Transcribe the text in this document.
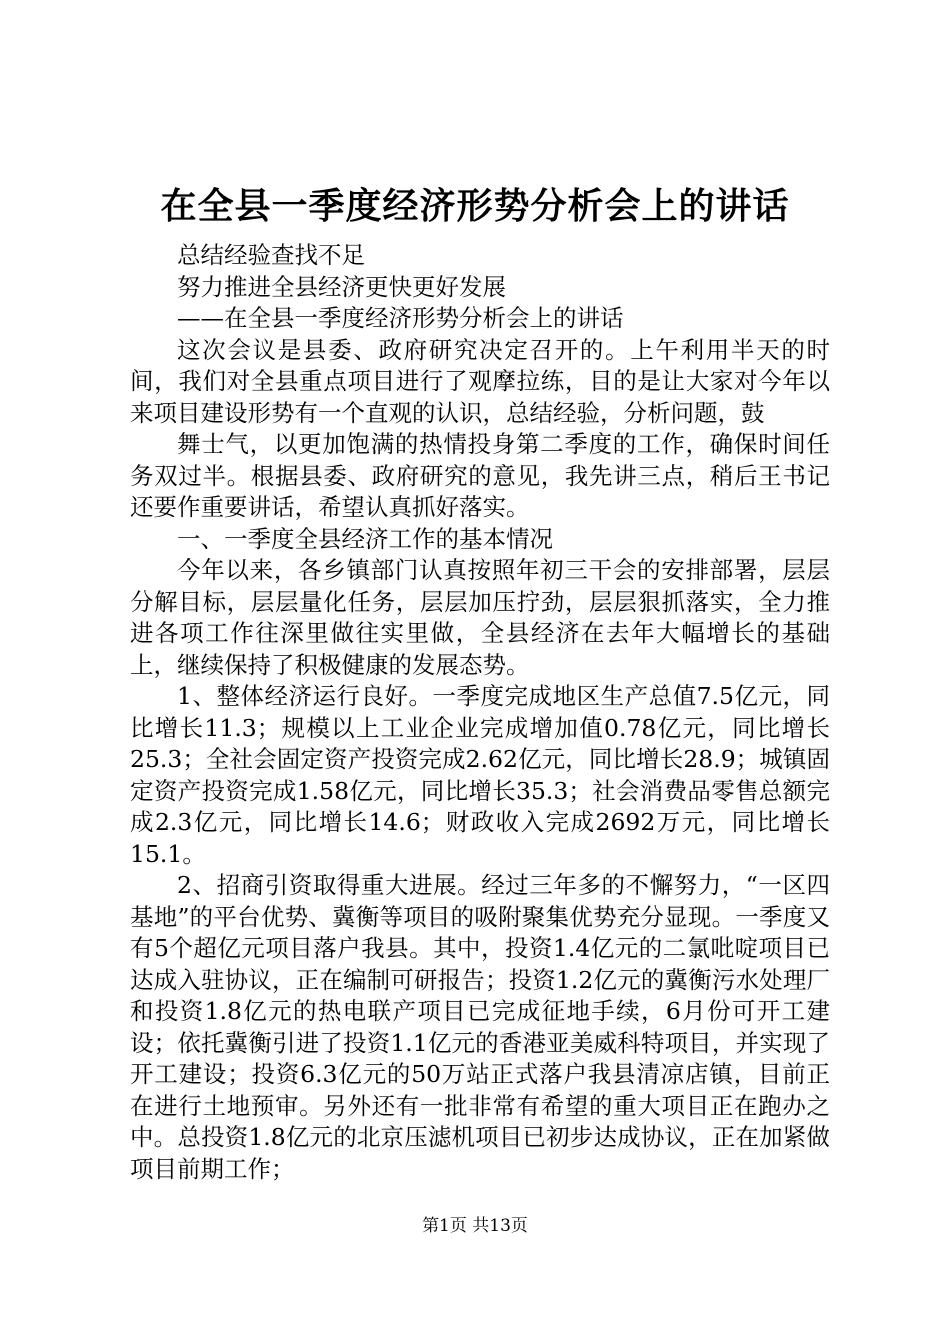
在全县一季度经济形势分析会上的讲话

总结经验查找不足

努力推进全县经济更快更好发展

——在全县一季度经济形势分析会上的讲话

这次会议是县委、政府研究决定召开的。上午利用半天的时间，我们对全县重点项目进行了观摩拉练，目的是让大家对今年以来项目建设形势有一个直观的认识，总结经验，分析问题，鼓

舞士气，以更加饱满的热情投身第二季度的工作，确保时间任务双过半。根据县委、政府研究的意见，我先讲三点，稍后王书记还要作重要讲话，希望认真抓好落实。

一、一季度全县经济工作的基本情况

今年以来，各乡镇部门认真按照年初三干会的安排部署，层层分解目标，层层量化任务，层层加压拧劲，层层狠抓落实，全力推进各项工作往深里做往实里做，全县经济在去年大幅增长的基础上，继续保持了积极健康的发展态势。

1、整体经济运行良好。一季度完成地区生产总值7.5亿元，同比增长11.3；规模以上工业企业完成增加值0.78亿元，同比增长25.3；全社会固定资产投资完成2.62亿元，同比增长28.9；城镇固定资产投资完成1.58亿元，同比增长35.3；社会消费品零售总额完成2.3亿元，同比增长14.6；财政收入完成2692万元，同比增长15.1。

2、招商引资取得重大进展。经过三年多的不懈努力，“一区四基地”的平台优势、冀衡等项目的吸附聚集优势充分显现。一季度又有5个超亿元项目落户我县。其中，投资1.4亿元的二氯吡啶项目已达成入驻协议，正在编制可研报告；投资1.2亿元的冀衡污水处理厂和投资1.8亿元的热电联产项目已完成征地手续，6月份可开工建设；依托冀衡引进了投资1.1亿元的香港亚美威科特项目，并实现了开工建设；投资6.3亿元的50万站正式落户我县清凉店镇，目前正在进行土地预审。另外还有一批非常有希望的重大项目正在跑办之中。总投资1.8亿元的北京压滤机项目已初步达成协议，正在加紧做项目前期工作；

第1页 共13页
